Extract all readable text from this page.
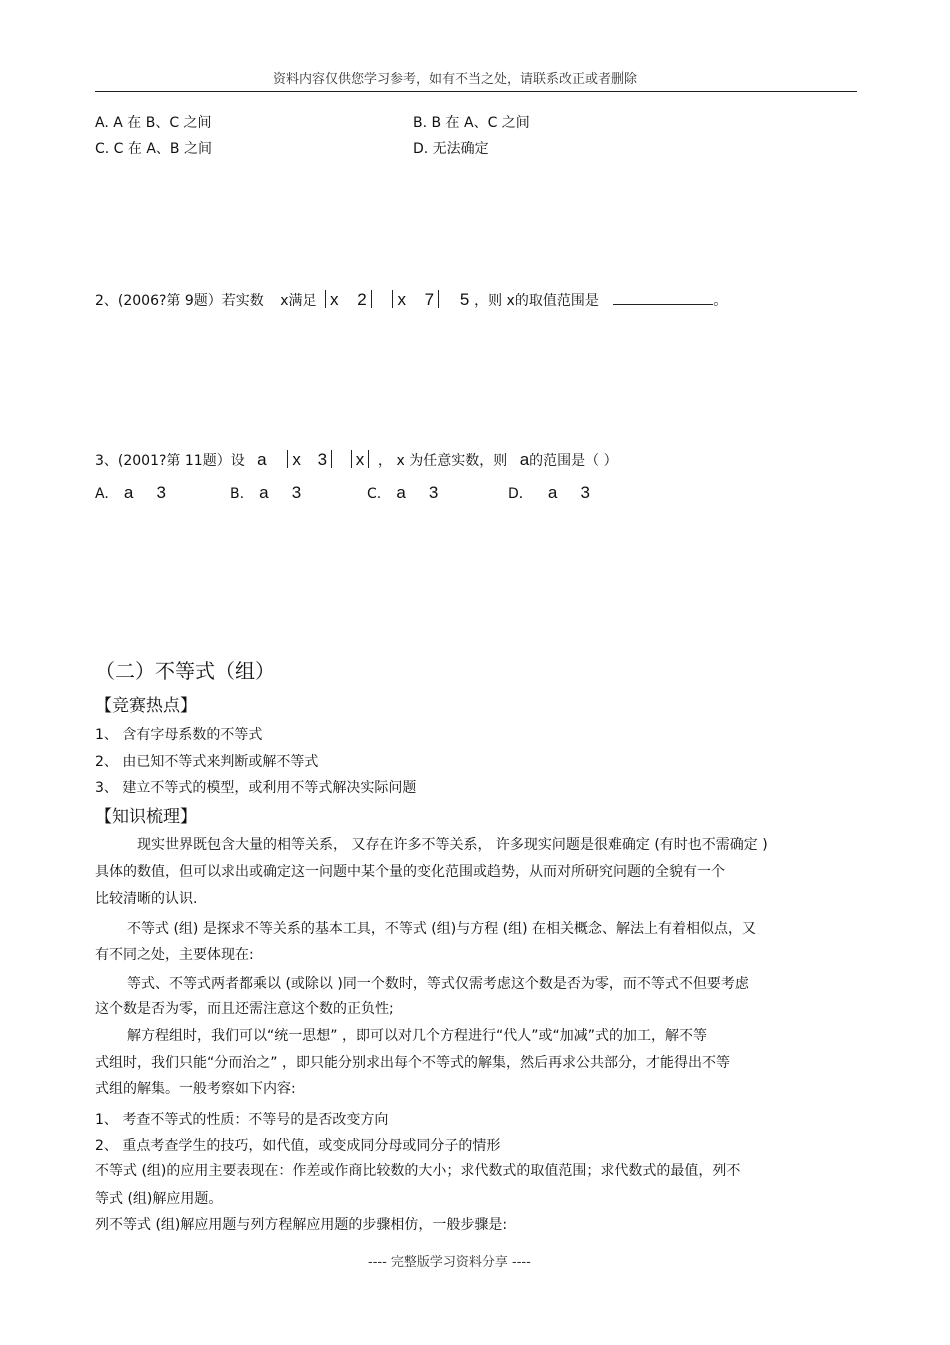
资料内容仅供您学习参考，如有不当之处，请联系改正或者删除
A. A 在 B、C 之间	B. B 在 A、C 之间
C. C 在 A、B 之间	D. 无法确定
2、(2006?第 9题）若实数 x满足 x 2 x 7 5 ，则 x的取值范围是	。
3、(2001?第 11题）设 a x 3 x ， x 为任意实数，则 a的范围是（ ）
A. a 3	B. a 3	C. a 3	D． a 3
（二）不等式（组）
【竞赛热点】
1、 含有字母系数的不等式
2、 由已知不等式来判断或解不等式
3、 建立不等式的模型，或利用不等式解决实际问题
【知识梳理】
现实世界既包含大量的相等关系， 又存在许多不等关系， 许多现实问题是很难确定 (有时也不需确定 )
具体的数值，但可以求出或确定这一问题中某个量的变化范围或趋势，从而对所研究问题的全貌有一个
比较清晰的认识.
不等式 (组) 是探求不等关系的基本工具，不等式 (组)与方程 (组) 在相关概念、解法上有着相似点，又
有不同之处，主要体现在:
等式、不等式两者都乘以 (或除以 )同一个数时，等式仅需考虑这个数是否为零，而不等式不但要考虑
这个数是否为零，而且还需注意这个数的正负性;
解方程组时，我们可以“统一思想” ，即可以对几个方程进行“代人”或“加减”式的加工，解不等
式组时，我们只能“分而治之” ，即只能分别求出每个不等式的解集，然后再求公共部分，才能得出不等
式组的解集。一般考察如下内容:
1、 考查不等式的性质：不等号的是否改变方向
2、 重点考查学生的技巧，如代值，或变成同分母或同分子的情形
不等式 (组)的应用主要表现在：作差或作商比较数的大小；求代数式的取值范围；求代数式的最值，列不
等式 (组)解应用题。
列不等式 (组)解应用题与列方程解应用题的步骤相仿，一般步骤是:
---- 完整版学习资料分享 ----
